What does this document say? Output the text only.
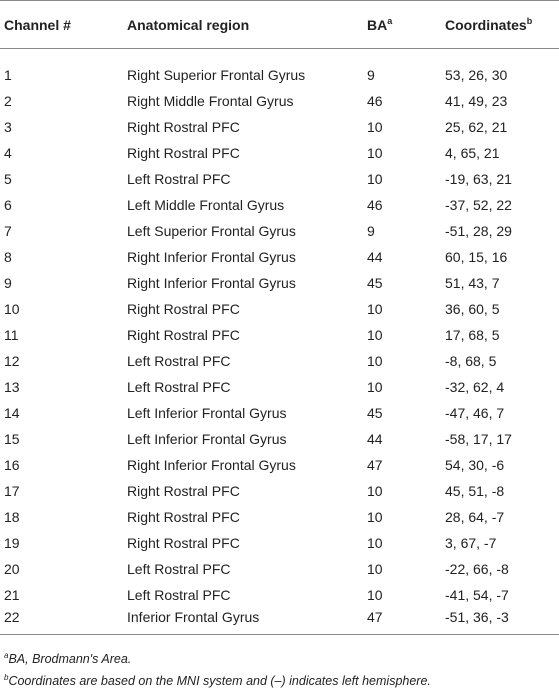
Channel #	Anatomical region	$BA^a$	Coordinates$^b$
1	Right Superior Frontal Gyrus	9	53, 26, 30
2	Right Middle Frontal Gyrus	46	41, 49, 23
3	Right Rostral PFC	10	25, 62, 21
4	Right Rostral PFC	10	4, 65, 21
5	Left Rostral PFC	10	-19, 63, 21
6	Left Middle Frontal Gyrus	46	-37, 52, 22
7	Left Superior Frontal Gyrus	9	-51, 28, 29
8	Right Inferior Frontal Gyrus	44	60, 15, 16
9	Right Inferior Frontal Gyrus	45	51, 43, 7
10	Right Rostral PFC	10	36, 60, 5
11	Right Rostral PFC	10	17, 68, 5
12	Left Rostral PFC	10	-8, 68, 5
13	Left Rostral PFC	10	-32, 62, 4
14	Left Inferior Frontal Gyrus	45	-47, 46, 7
15	Left Inferior Frontal Gyrus	44	-58, 17, 17
16	Right Inferior Frontal Gyrus	47	54, 30, -6
17	Right Rostral PFC	10	45, 51, -8
18	Right Rostral PFC	10	28, 64, -7
19	Right Rostral PFC	10	3, 67, -7
20	Left Rostral PFC	10	-22, 66, -8
21	Left Rostral PFC	10	-41, 54, -7
22	Inferior Frontal Gyrus	47	-51, 36, -3
$^a$BA, Brodmann's Area.
$^b$Coordinates are based on the MNI system and (–) indicates left hemisphere.
